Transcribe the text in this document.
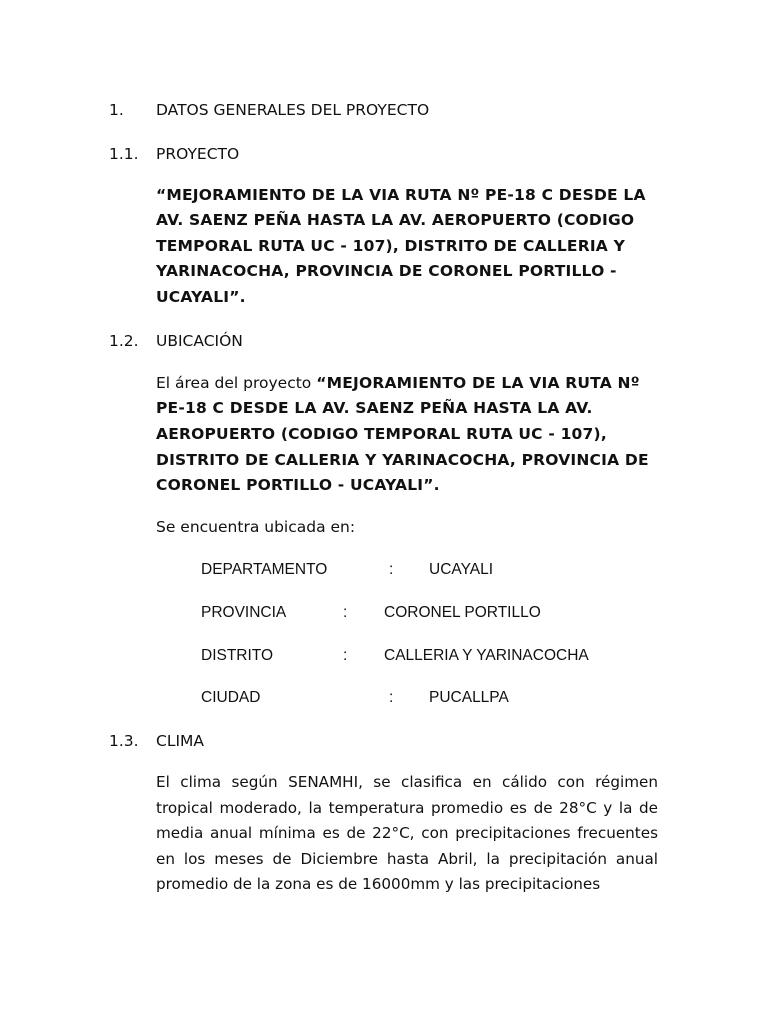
1. DATOS GENERALES DEL PROYECTO
1.1. PROYECTO
“MEJORAMIENTO DE LA VIA RUTA Nº PE-18 C DESDE LA
AV. SAENZ PEÑA HASTA LA AV. AEROPUERTO (CODIGO
TEMPORAL RUTA UC - 107), DISTRITO DE CALLERIA Y
YARINACOCHA, PROVINCIA DE CORONEL PORTILLO -
UCAYALI”.
1.2. UBICACIÓN
El área del proyecto “MEJORAMIENTO DE LA VIA RUTA Nº
PE-18 C DESDE LA AV. SAENZ PEÑA HASTA LA AV.
AEROPUERTO (CODIGO TEMPORAL RUTA UC - 107),
DISTRITO DE CALLERIA Y YARINACOCHA, PROVINCIA DE
CORONEL PORTILLO - UCAYALI”.
Se encuentra ubicada en:
DEPARTAMENTO	: UCAYALI
PROVINCIA	: CORONEL PORTILLO
DISTRITO	: CALLERIA Y YARINACOCHA
CIUDAD	: PUCALLPA
1.3. CLIMA
El clima según SENAMHI, se clasifica en cálido con régimen tropical moderado, la temperatura promedio es de 28°C y la de media anual mínima es de 22°C, con precipitaciones frecuentes en los meses de Diciembre hasta Abril, la precipitación anual promedio de la zona es de 16000mm y las precipitaciones
